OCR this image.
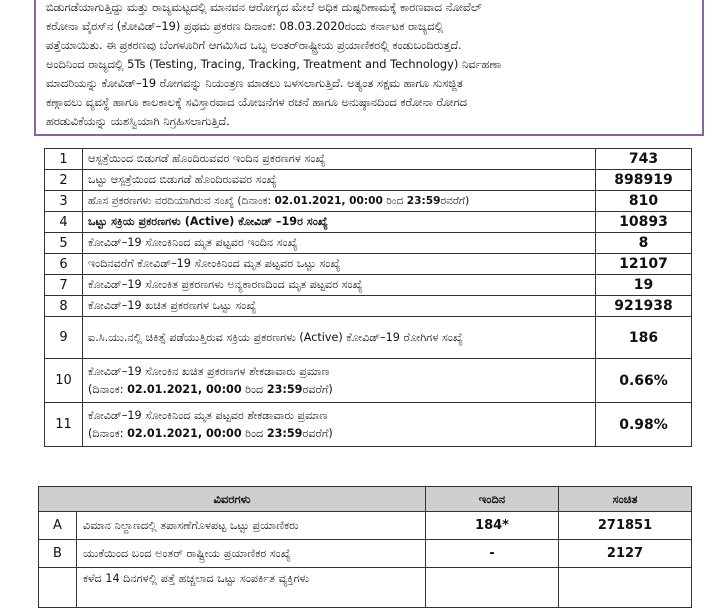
ಬಿಡುಗಡೆಯಾಗುತ್ತಿದ್ದು ಮತ್ತು ರಾಜ್ಯಮಟ್ಟದಲ್ಲಿ ಮಾನವನ ಆರೋಗ್ಯದ ಮೇಲೆ ಅಧಿಕ ದುಷ್ಪರಿಣಾಮಕ್ಕೆ ಕಾರಣವಾದ ನೋವೆಲ್

ಕರೋನಾ ವೈರಸ್‌ನ (ಕೋವಿಡ್–19) ಪ್ರಥಮ ಪ್ರಕರಣ ದಿನಾಂಕ: 08.03.2020ರಂದು ಕರ್ನಾಟಕ ರಾಜ್ಯದಲ್ಲಿ

ಪತ್ತೆಯಾಯಿತು. ಈ ಪ್ರಕರಣವು ಬೆಂಗಳೂರಿಗೆ ಆಗಮಿಸಿದ ಒಬ್ಬ ಅಂತರ್‌ರಾಷ್ಟ್ರೀಯ ಪ್ರಯಾಣಿಕರಲ್ಲಿ ಕಂಡುಬಂದಿರುತ್ತದೆ.

ಅಂದಿನಿಂದ ರಾಜ್ಯದಲ್ಲಿ 5Ts (Testing, Tracing, Tracking, Treatment and Technology) ನಿರ್ವಹಣಾ

ಮಾದರಿಯನ್ನು ಕೋವಿಡ್–19 ರೋಗವನ್ನು ನಿಯಂತ್ರಣ ಮಾಡಲು ಬಳಸಲಾಗುತ್ತಿದೆ. ಅತ್ಯಂತ ಸಕ್ಷಮ ಹಾಗೂ ಸುಸಜ್ಜಿತ

ಕಣ್ಗಾವಲು ವ್ಯವಸ್ಥೆ ಹಾಗೂ ಕಾಲಕಾಲಕ್ಕೆ ಸವಿಸ್ತಾರವಾದ ಯೋಜನೆಗಳ ರಚನೆ ಹಾಗೂ ಅನುಷ್ಠಾನದಿಂದ ಕರೋನಾ ರೋಗದ

ಹರಡುವಿಕೆಯನ್ನು ಯಶಸ್ವಿಯಾಗಿ ನಿಗ್ರಹಿಸಲಾಗುತ್ತಿದೆ.

1	ಆಸ್ಪತ್ರೆಯಿಂದ ಬಿಡುಗಡೆ ಹೊಂದಿರುವವರ ಇಂದಿನ ಪ್ರಕರಣಗಳ ಸಂಖ್ಯೆ	743
2	ಒಟ್ಟು ಆಸ್ಪತ್ರೆಯಿಂದ ಬಿಡುಗಡೆ ಹೊಂದಿರುವವರ ಸಂಖ್ಯೆ	898919
3	ಹೊಸ ಪ್ರಕರಣಗಳು ವರದಿಯಾಗಿರುವ ಸಂಖ್ಯೆ (ದಿನಾಂಕ: 02.01.2021, 00:00 ರಿಂದ 23:59ರವರೆಗೆ)	810
4	ಒಟ್ಟು ಸಕ್ರಿಯ ಪ್ರಕರಣಗಳು (Active) ಕೋವಿಡ್ –19ರ ಸಂಖ್ಯೆ	10893
5	ಕೋವಿಡ್–19 ಸೋಂಕಿನಿಂದ ಮೃತ ಪಟ್ಟವರ ಇಂದಿನ ಸಂಖ್ಯೆ	8
6	ಇಂದಿನವರೆಗೆ ಕೋವಿಡ್–19 ಸೋಂಕಿನಿಂದ ಮೃತ ಪಟ್ಟವರ ಒಟ್ಟು ಸಂಖ್ಯೆ	12107
7	ಕೋವಿಡ್–19 ಸೋಂಕಿತ ಪ್ರಕರಣಗಳು ಅನ್ಯಕಾರಣದಿಂದ ಮೃತ ಪಟ್ಟವರ ಸಂಖ್ಯೆ	19
8	ಕೋವಿಡ್–19 ಖಚಿತ ಪ್ರಕರಣಗಳ ಒಟ್ಟು ಸಂಖ್ಯೆ	921938
9	ಐ.ಸಿ.ಯು.ನಲ್ಲಿ ಚಿಕಿತ್ಸೆ ಪಡೆಯುತ್ತಿರುವ ಸಕ್ರಿಯ ಪ್ರಕರಣಗಳು (Active) ಕೋವಿಡ್–19 ರೋಗಿಗಳ ಸಂಖ್ಯೆ	186
10	ಕೋವಿಡ್–19 ಸೋಂಕಿನ ಖಚಿತ ಪ್ರಕರಣಗಳ ಶೇಕಡಾವಾರು ಪ್ರಮಾಣ
(ದಿನಾಂಕ: 02.01.2021, 00:00 ರಿಂದ 23:59ರವರೆಗೆ)	0.66%
11	ಕೋವಿಡ್–19 ಸೋಂಕಿನಿಂದ ಮೃತ ಪಟ್ಟವರ ಶೇಕಡಾವಾರು ಪ್ರಮಾಣ
(ದಿನಾಂಕ: 02.01.2021, 00:00 ರಿಂದ 23:59ರವರೆಗೆ)	0.98%
ವಿವರಗಳು		ಇಂದಿನ	ಸಂಚಿತ
A	ವಿಮಾನ ನಿಲ್ದಾಣದಲ್ಲಿ ತಪಾಸಣೆಗೊಳಪಟ್ಟ ಒಟ್ಟು ಪ್ರಯಾಣಿಕರು	184*	271851
B	ಯುಕೆಯಿಂದ ಬಂದ ಅಂತರ್ ರಾಷ್ಟ್ರೀಯ ಪ್ರಯಾಣಿಕರ ಸಂಖ್ಯೆ	-	2127
	ಕಳೆದ 14 ದಿನಗಳಲ್ಲಿ ಪತ್ತೆ ಹಚ್ಚಲಾದ ಒಟ್ಟು ಸಂಪರ್ಕಿತ ವ್ಯಕ್ತಿಗಳು		
